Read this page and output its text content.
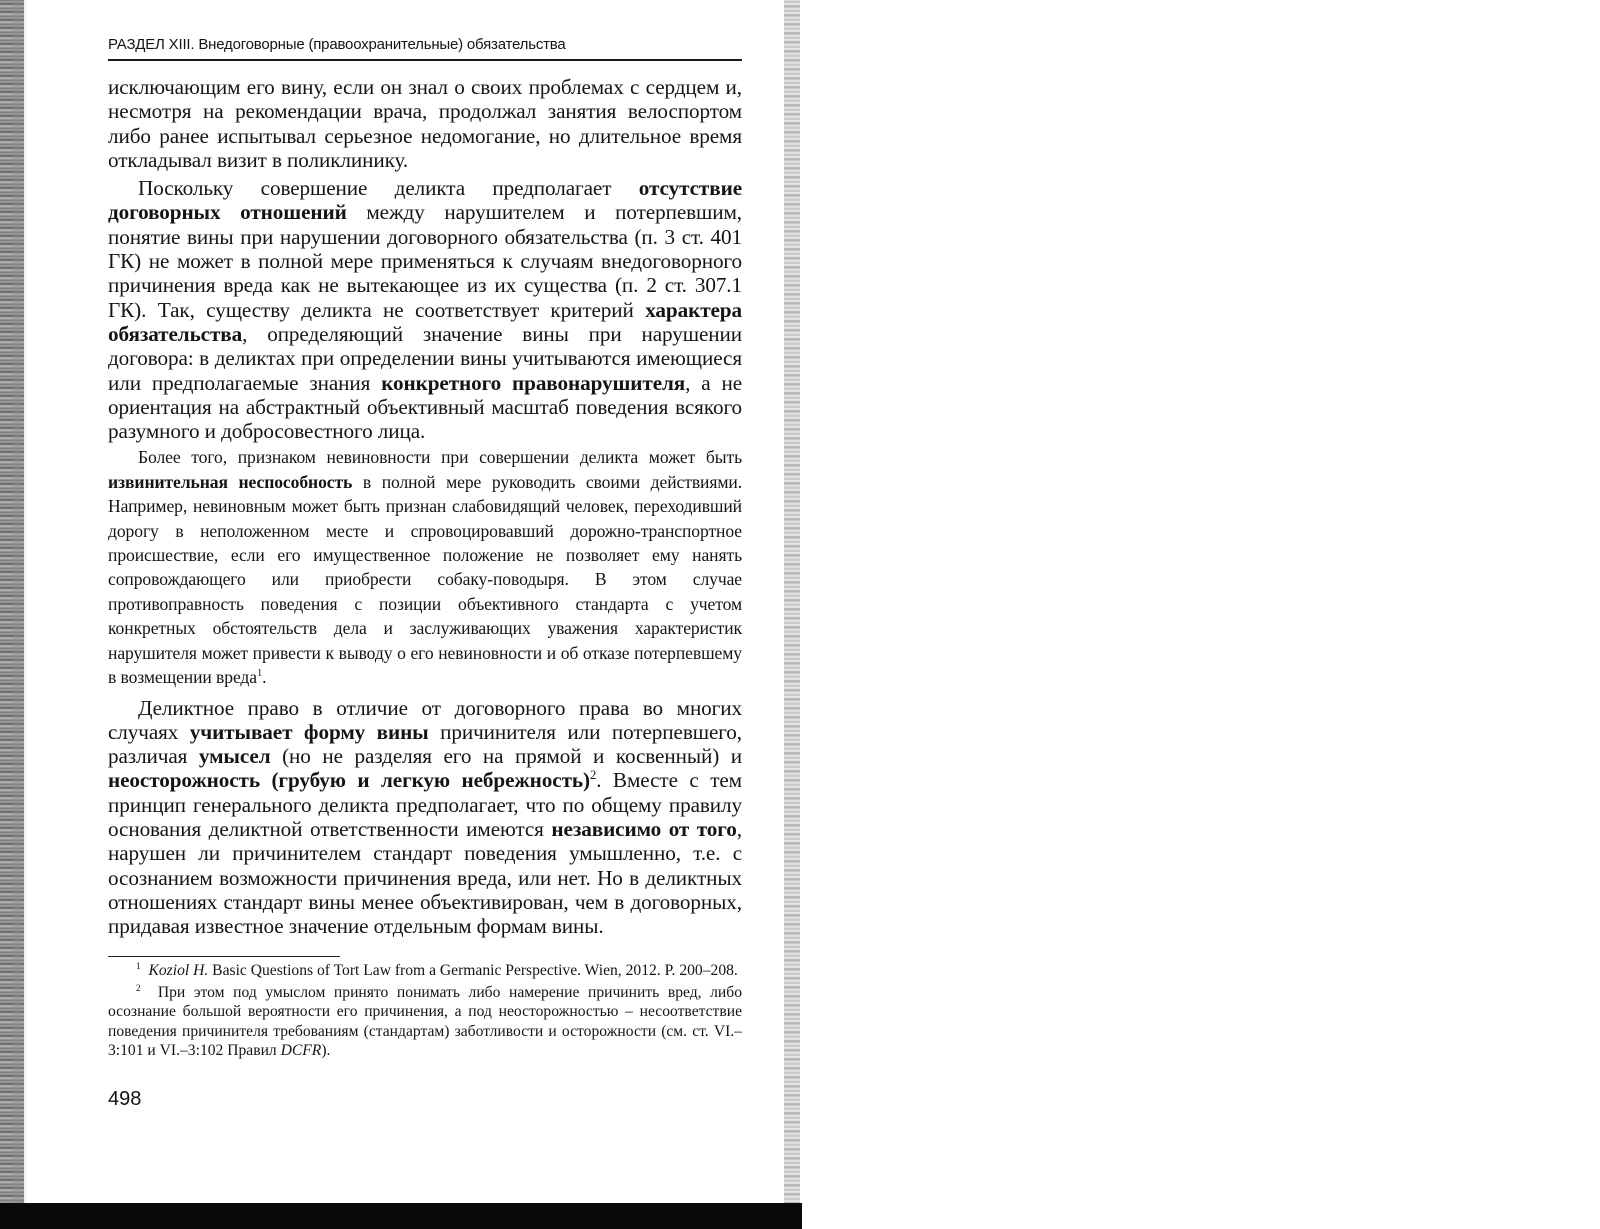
РАЗДЕЛ XIII. Внедоговорные (правоохранительные) обязательства

исключающим его вину, если он знал о своих проблемах с сердцем и, несмотря на рекомендации врача, продолжал занятия велоспортом либо ранее испытывал серьезное недомогание, но длительное время откладывал визит в поликлинику.

Поскольку совершение деликта предполагает отсутствие договорных отношений между нарушителем и потерпевшим, понятие вины при нарушении договорного обязательства (п. 3 ст. 401 ГК) не может в полной мере применяться к случаям внедоговорного причинения вреда как не вытекающее из их существа (п. 2 ст. 307.1 ГК). Так, существу деликта не соответствует критерий характера обязательства, определяющий значение вины при нарушении договора: в деликтах при определении вины учитываются имеющиеся или предполагаемые знания конкретного правонарушителя, а не ориентация на абстрактный объективный масштаб поведения всякого разумного и добросовестного лица.

Более того, признаком невиновности при совершении деликта может быть извинительная неспособность в полной мере руководить своими действиями. Например, невиновным может быть признан слабовидящий человек, переходивший дорогу в неположенном месте и спровоцировавший дорожно-транспортное происшествие, если его имущественное положение не позволяет ему нанять сопровождающего или приобрести собаку-поводыря. В этом случае противоправность поведения с позиции объективного стандарта с учетом конкретных обстоятельств дела и заслуживающих уважения характеристик нарушителя может привести к выводу о его невиновности и об отказе потерпевшему в возмещении вреда$^1$.

Деликтное право в отличие от договорного права во многих случаях учитывает форму вины причинителя или потерпевшего, различая умысел (но не разделяя его на прямой и косвенный) и неосторожность (грубую и легкую небрежность)$^2$. Вместе с тем принцип генерального деликта предполагает, что по общему правилу основания деликтной ответственности имеются независимо от того, нарушен ли причинителем стандарт поведения умышленно, т.е. с осознанием возможности причинения вреда, или нет. Но в деликтных отношениях стандарт вины менее объективирован, чем в договорных, придавая известное значение отдельным формам вины.

$^1$ Koziol H. Basic Questions of Tort Law from a Germanic Perspective. Wien, 2012. P. 200–208.

$^2$ При этом под умыслом принято понимать либо намерение причинить вред, либо осознание большой вероятности его причинения, а под неосторожностью – несоответствие поведения причинителя требованиям (стандартам) заботливости и осторожности (см. ст. VI.–3:101 и VI.–3:102 Правил DCFR).

498
